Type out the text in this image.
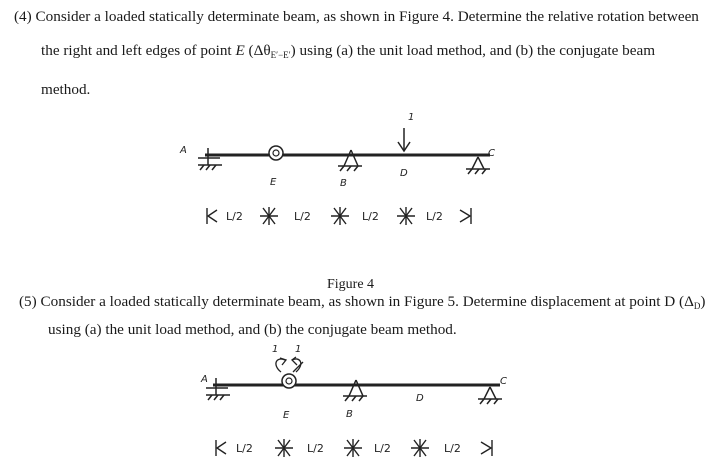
(4) Consider a loaded statically determinate beam, as shown in Figure 4. Determine the relative rotation between
the right and left edges of point E $(\Delta\theta_{E'-E'})$ using (a) the unit load method, and (b) the conjugate beam
method.
1
A
E	B
D
C
L/2	L/2	L/2	L/2
1 1
A
E	B
D
C
L/2	L/2	L/2	L/2
Figure 4
(5) Consider a loaded statically determinate beam, as shown in Figure 5. Determine displacement at point D $(\Delta_D)$
using (a) the unit load method, and (b) the conjugate beam method.
